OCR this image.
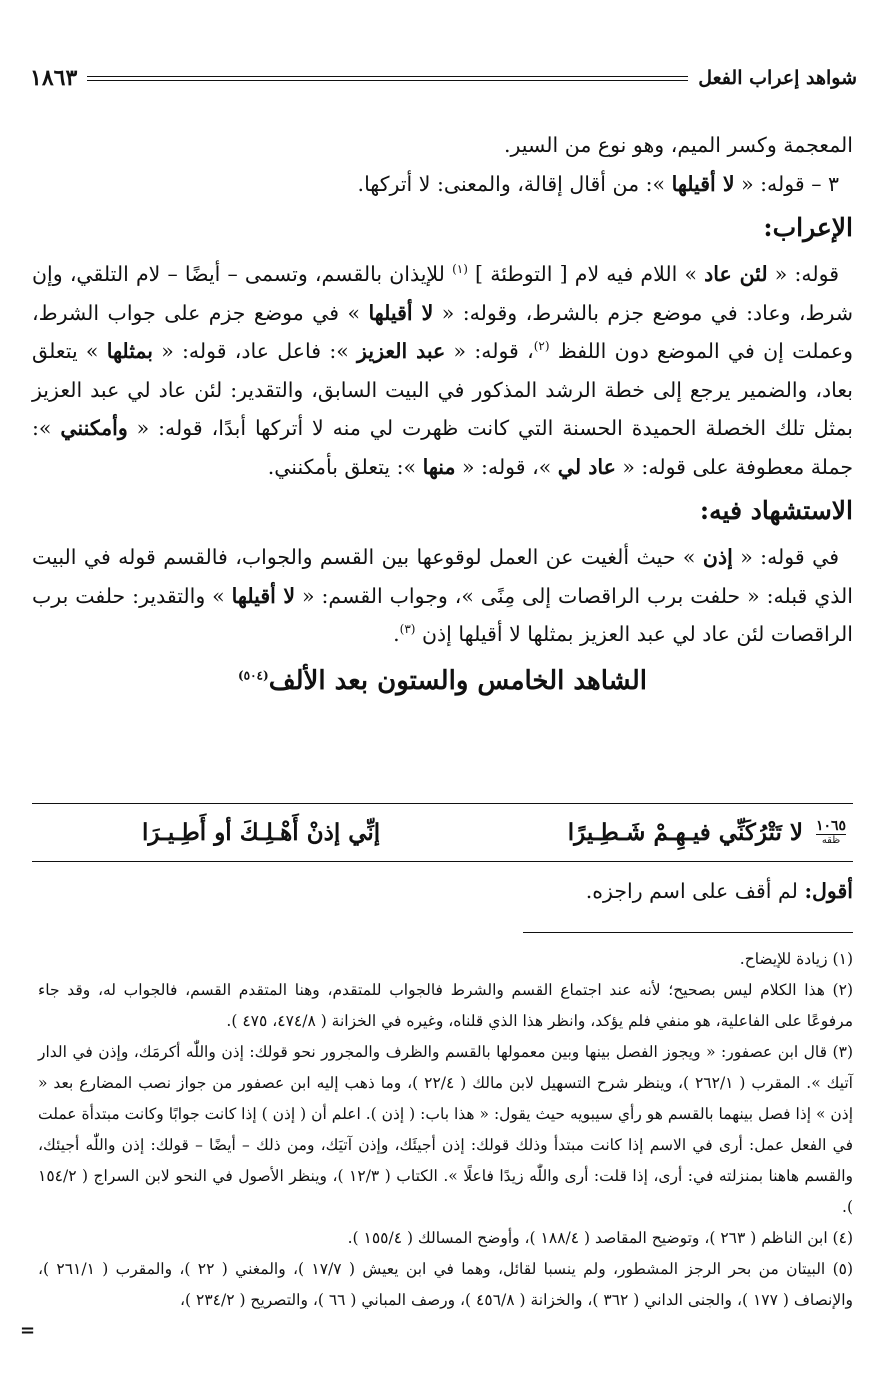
شواهد إعراب الفعل
١٨٦٣

المعجمة وكسر الميم، وهو نوع من السير.

٣ – قوله: « لا أقيلها »: من أقال إقالة، والمعنى: لا أتركها.

الإعراب:

قوله: « لئن عاد » اللام فيه لام [ التوطئة ] $^{(١)}$ للإيذان بالقسم، وتسمى – أيضًا – لام التلقي، وإن شرط، وعاد: في موضع جزم بالشرط، وقوله: « لا أقيلها » في موضع جزم على جواب الشرط، وعملت إن في الموضع دون اللفظ $^{(٢)}$، قوله: « عبد العزيز »: فاعل عاد، قوله: « بمثلها » يتعلق بعاد، والضمير يرجع إلى خطة الرشد المذكور في البيت السابق، والتقدير: لئن عاد لي عبد العزيز بمثل تلك الخصلة الحميدة الحسنة التي كانت ظهرت لي منه لا أتركها أبدًا، قوله: « وأمكنني »: جملة معطوفة على قوله: « عاد لي »، قوله: « منها »: يتعلق بأمكنني.

الاستشهاد فيه:

في قوله: « إذن » حيث ألغيت عن العمل لوقوعها بين القسم والجواب، فالقسم قوله في البيت الذي قبله: « حلفت برب الراقصات إلى مِنًى »، وجواب القسم: « لا أقيلها » والتقدير: حلفت برب الراقصات لئن عاد لي عبد العزيز بمثلها لا أقيلها إذن $^{(٣)}$.

الشاهد الخامس والستون بعد الألف$^{(٥٠٤)}$
١٠٦٥
ظقه
لا تَتْرُكَنِّي فيـهِـمْ شَـطِـيرًا
إنِّي إذنْ أَهْـلِـكَ أو أَطِـيـرَا
أقول: لم أقف على اسم راجزه.

(١) زيادة للإيضاح.

(٢) هذا الكلام ليس بصحيح؛ لأنه عند اجتماع القسم والشرط فالجواب للمتقدم، وهنا المتقدم القسم، فالجواب له، وقد جاء مرفوعًا على الفاعلية، هو منفي فلم يؤكد، وانظر هذا الذي قلناه، وغيره في الخزانة ( ٤٧٤/٨، ٤٧٥ ).

(٣) قال ابن عصفور: « ويجوز الفصل بينها وبين معمولها بالقسم والظرف والمجرور نحو قولك: إذن واللّٰه أكرمَك، وإذن في الدار آتيك ». المقرب ( ٢٦٢/١ )، وينظر شرح التسهيل لابن مالك ( ٢٢/٤ )، وما ذهب إليه ابن عصفور من جواز نصب المضارع بعد « إذن » إذا فصل بينهما بالقسم هو رأي سيبويه حيث يقول: « هذا باب: ( إذن ). اعلم أن ( إذن ) إذا كانت جوابًا وكانت مبتدأة عملت في الفعل عمل: أرى في الاسم إذا كانت مبتدأ وذلك قولك: إذن أجيئَك، وإذن آتيَك، ومن ذلك – أيضًا – قولك: إذن واللّٰه أجيئك، والقسم هاهنا بمنزلته في: أرى، إذا قلت: أرى واللّٰه زيدًا فاعلًا ». الكتاب ( ١٢/٣ )، وينظر الأصول في النحو لابن السراج ( ١٥٤/٢ ).

(٤) ابن الناظم ( ٢٦٣ )، وتوضيح المقاصد ( ١٨٨/٤ )، وأوضح المسالك ( ١٥٥/٤ ).

(٥) البيتان من بحر الرجز المشطور، ولم ينسبا لقائل، وهما في ابن يعيش ( ١٧/٧ )، والمغني ( ٢٢ )، والمقرب ( ٢٦١/١ )، والإنصاف ( ١٧٧ )، والجنى الداني ( ٣٦٢ )، والخزانة ( ٤٥٦/٨ )، ورصف المباني ( ٦٦ )، والتصريح ( ٢٣٤/٢ )،

=
